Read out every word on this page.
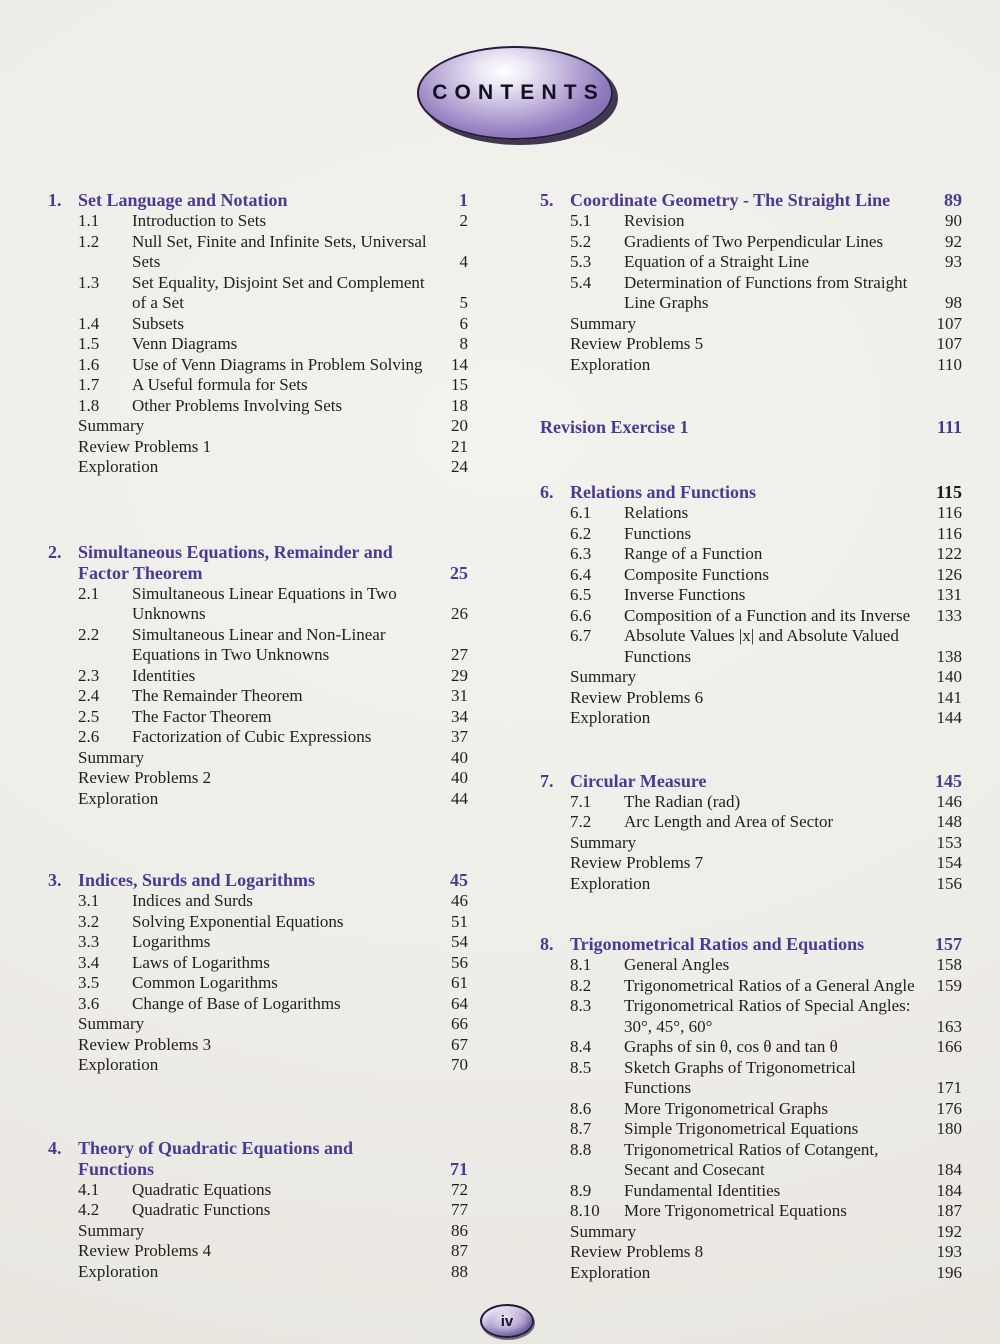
CONTENTS
1. Set Language and Notation	1
1.1	Introduction to Sets	2
1.2	Null Set, Finite and Infinite Sets, Universal
Sets	4
1.3	Set Equality, Disjoint Set and Complement
of a Set	5
1.4	Subsets	6
1.5	Venn Diagrams	8
1.6	Use of Venn Diagrams in Problem Solving	14
1.7	A Useful formula for Sets	15
1.8	Other Problems Involving Sets	18
Summary	20
Review Problems 1	21
Exploration	24
2. Simultaneous Equations, Remainder and
Factor Theorem	25
2.1	Simultaneous Linear Equations in Two
Unknowns	26
2.2	Simultaneous Linear and Non-Linear
Equations in Two Unknowns	27
2.3	Identities	29
2.4	The Remainder Theorem	31
2.5	The Factor Theorem	34
2.6	Factorization of Cubic Expressions	37
Summary	40
Review Problems 2	40
Exploration	44
3. Indices, Surds and Logarithms	45
3.1	Indices and Surds	46
3.2	Solving Exponential Equations	51
3.3	Logarithms	54
3.4	Laws of Logarithms	56
3.5	Common Logarithms	61
3.6	Change of Base of Logarithms	64
Summary	66
Review Problems 3	67
Exploration	70
4. Theory of Quadratic Equations and
Functions	71
4.1	Quadratic Equations	72
4.2	Quadratic Functions	77
Summary	86
Review Problems 4	87
Exploration	88
5. Coordinate Geometry - The Straight Line	89
5.1	Revision	90
5.2	Gradients of Two Perpendicular Lines	92
5.3	Equation of a Straight Line	93
5.4	Determination of Functions from Straight
Line Graphs	98
Summary	107
Review Problems 5	107
Exploration	110
Revision Exercise 1	111
6. Relations and Functions	115
6.1	Relations	116
6.2	Functions	116
6.3	Range of a Function	122
6.4	Composite Functions	126
6.5	Inverse Functions	131
6.6	Composition of a Function and its Inverse	133
6.7	Absolute Values |x| and Absolute Valued
Functions	138
Summary	140
Review Problems 6	141
Exploration	144
7. Circular Measure	145
7.1	The Radian (rad)	146
7.2	Arc Length and Area of Sector	148
Summary	153
Review Problems 7	154
Exploration	156
8. Trigonometrical Ratios and Equations	157
8.1	General Angles	158
8.2	Trigonometrical Ratios of a General Angle	159
8.3	Trigonometrical Ratios of Special Angles:
30°, 45°, 60°	163
8.4	Graphs of sin θ, cos θ and tan θ	166
8.5	Sketch Graphs of Trigonometrical
Functions	171
8.6	More Trigonometrical Graphs	176
8.7	Simple Trigonometrical Equations	180
8.8	Trigonometrical Ratios of Cotangent,
Secant and Cosecant	184
8.9	Fundamental Identities	184
8.10	More Trigonometrical Equations	187
Summary	192
Review Problems 8	193
Exploration	196
iv
